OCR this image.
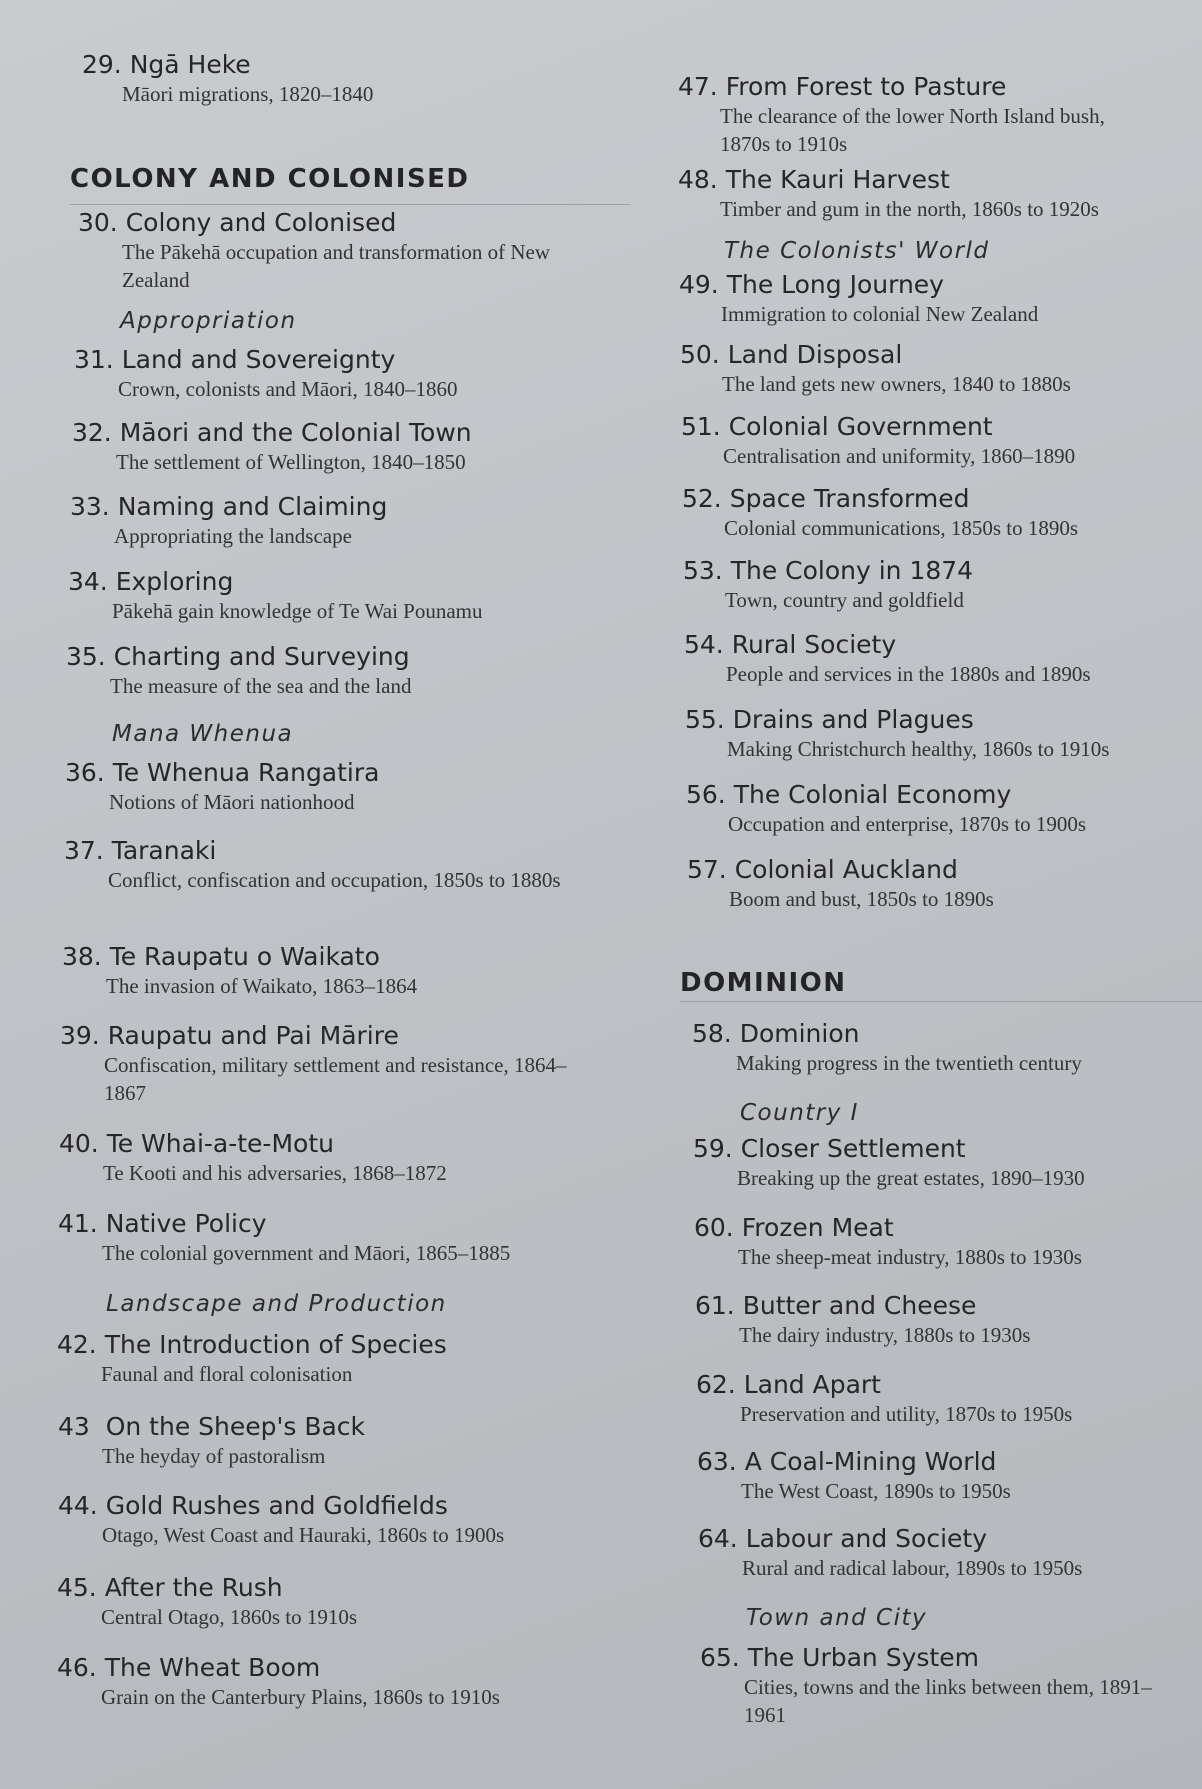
29. Ngā Heke
Māori migrations, 1820–1840
COLONY AND COLONISED
30. Colony and Colonised
The Pākehā occupation and transformation of New Zealand
Appropriation
31. Land and Sovereignty
Crown, colonists and Māori, 1840–1860
32. Māori and the Colonial Town
The settlement of Wellington, 1840–1850
33. Naming and Claiming
Appropriating the landscape
34. Exploring
Pākehā gain knowledge of Te Wai Pounamu
35. Charting and Surveying
The measure of the sea and the land
Mana Whenua
36. Te Whenua Rangatira
Notions of Māori nationhood
37. Taranaki
Conflict, confiscation and occupation, 1850s to 1880s
38. Te Raupatu o Waikato
The invasion of Waikato, 1863–1864
39. Raupatu and Pai Mārire
Confiscation, military settlement and resistance, 1864–1867
40. Te Whai-a-te-Motu
Te Kooti and his adversaries, 1868–1872
41. Native Policy
The colonial government and Māori, 1865–1885
Landscape and Production
42. The Introduction of Species
Faunal and floral colonisation
43  On the Sheep's Back
The heyday of pastoralism
44. Gold Rushes and Goldfields
Otago, West Coast and Hauraki, 1860s to 1900s
45. After the Rush
Central Otago, 1860s to 1910s
46. The Wheat Boom
Grain on the Canterbury Plains, 1860s to 1910s
47. From Forest to Pasture
The clearance of the lower North Island bush, 1870s to 1910s
48. The Kauri Harvest
Timber and gum in the north, 1860s to 1920s
The Colonists' World
49. The Long Journey
Immigration to colonial New Zealand
50. Land Disposal
The land gets new owners, 1840 to 1880s
51. Colonial Government
Centralisation and uniformity, 1860–1890
52. Space Transformed
Colonial communications, 1850s to 1890s
53. The Colony in 1874
Town, country and goldfield
54. Rural Society
People and services in the 1880s and 1890s
55. Drains and Plagues
Making Christchurch healthy, 1860s to 1910s
56. The Colonial Economy
Occupation and enterprise, 1870s to 1900s
57. Colonial Auckland
Boom and bust, 1850s to 1890s
DOMINION
58. Dominion
Making progress in the twentieth century
Country I
59. Closer Settlement
Breaking up the great estates, 1890–1930
60. Frozen Meat
The sheep-meat industry, 1880s to 1930s
61. Butter and Cheese
The dairy industry, 1880s to 1930s
62. Land Apart
Preservation and utility, 1870s to 1950s
63. A Coal-Mining World
The West Coast, 1890s to 1950s
64. Labour and Society
Rural and radical labour, 1890s to 1950s
Town and City
65. The Urban System
Cities, towns and the links between them, 1891–1961
